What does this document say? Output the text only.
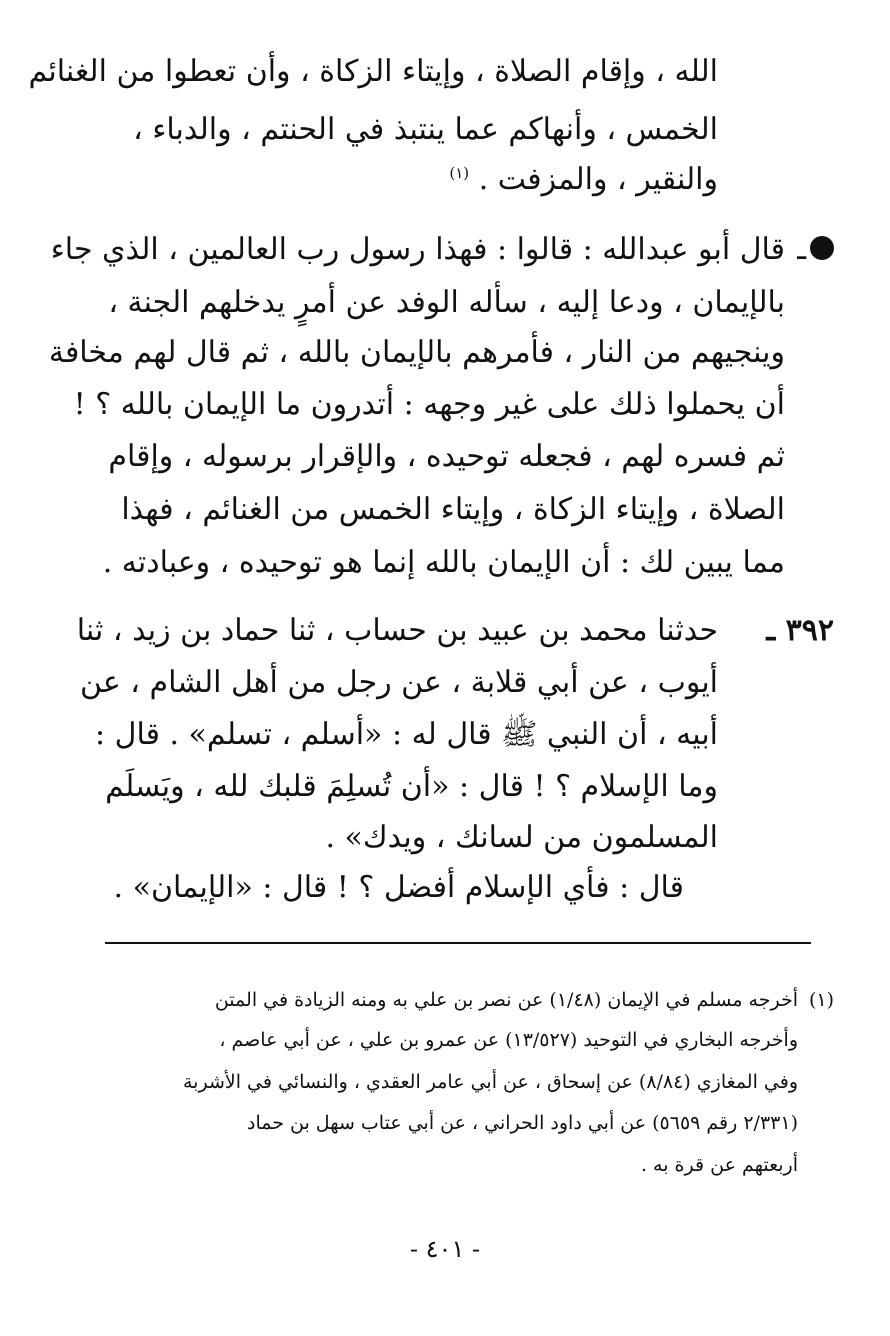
الله ، وإقام الصلاة ، وإيتاء الزكاة ، وأن تعطوا من الغنائم
الخمس ، وأنهاكم عما ينتبذ في الحنتم ، والدباء ،
والنقير ، والمزفت . $^{(١)}$
ـ
قال أبو عبدالله : قالوا : فهذا رسول رب العالمين ، الذي جاء
بالإيمان ، ودعا إليه ، سأله الوفد عن أمرٍ يدخلهم الجنة ،
وينجيهم من النار ، فأمرهم بالإيمان بالله ، ثم قال لهم مخافة
أن يحملوا ذلك على غير وجهه : أتدرون ما الإيمان بالله ؟ !
ثم فسره لهم ، فجعله توحيده ، والإقرار برسوله ، وإقام
الصلاة ، وإيتاء الزكاة ، وإيتاء الخمس من الغنائم ، فهذا
مما يبين لك : أن الإيمان بالله إنما هو توحيده ، وعبادته .
٣٩٢ ـ
حدثنا محمد بن عبيد بن حساب ، ثنا حماد بن زيد ، ثنا
أيوب ، عن أبي قلابة ، عن رجل من أهل الشام ، عن
أبيه ، أن النبي ﷺ قال له : «أسلم ، تسلم» . قال :
وما الإسلام ؟ ! قال : «أن تُسلِمَ قلبك لله ، ويَسلَم
المسلمون من لسانك ، ويدك» .
قال : فأي الإسلام أفضل ؟ ! قال : «الإيمان» .
(١)
أخرجه مسلم في الإيمان (١/٤٨) عن نصر بن علي به ومنه الزيادة في المتن
وأخرجه البخاري في التوحيد (١٣/٥٢٧) عن عمرو بن علي ، عن أبي عاصم ،
وفي المغازي (٨/٨٤) عن إسحاق ، عن أبي عامر العقدي ، والنسائي في الأشربة
(٢/٣٣١ رقم ٥٦٥٩) عن أبي داود الحراني ، عن أبي عتاب سهل بن حماد
أربعتهم عن قرة به .
- ٤٠١ -
